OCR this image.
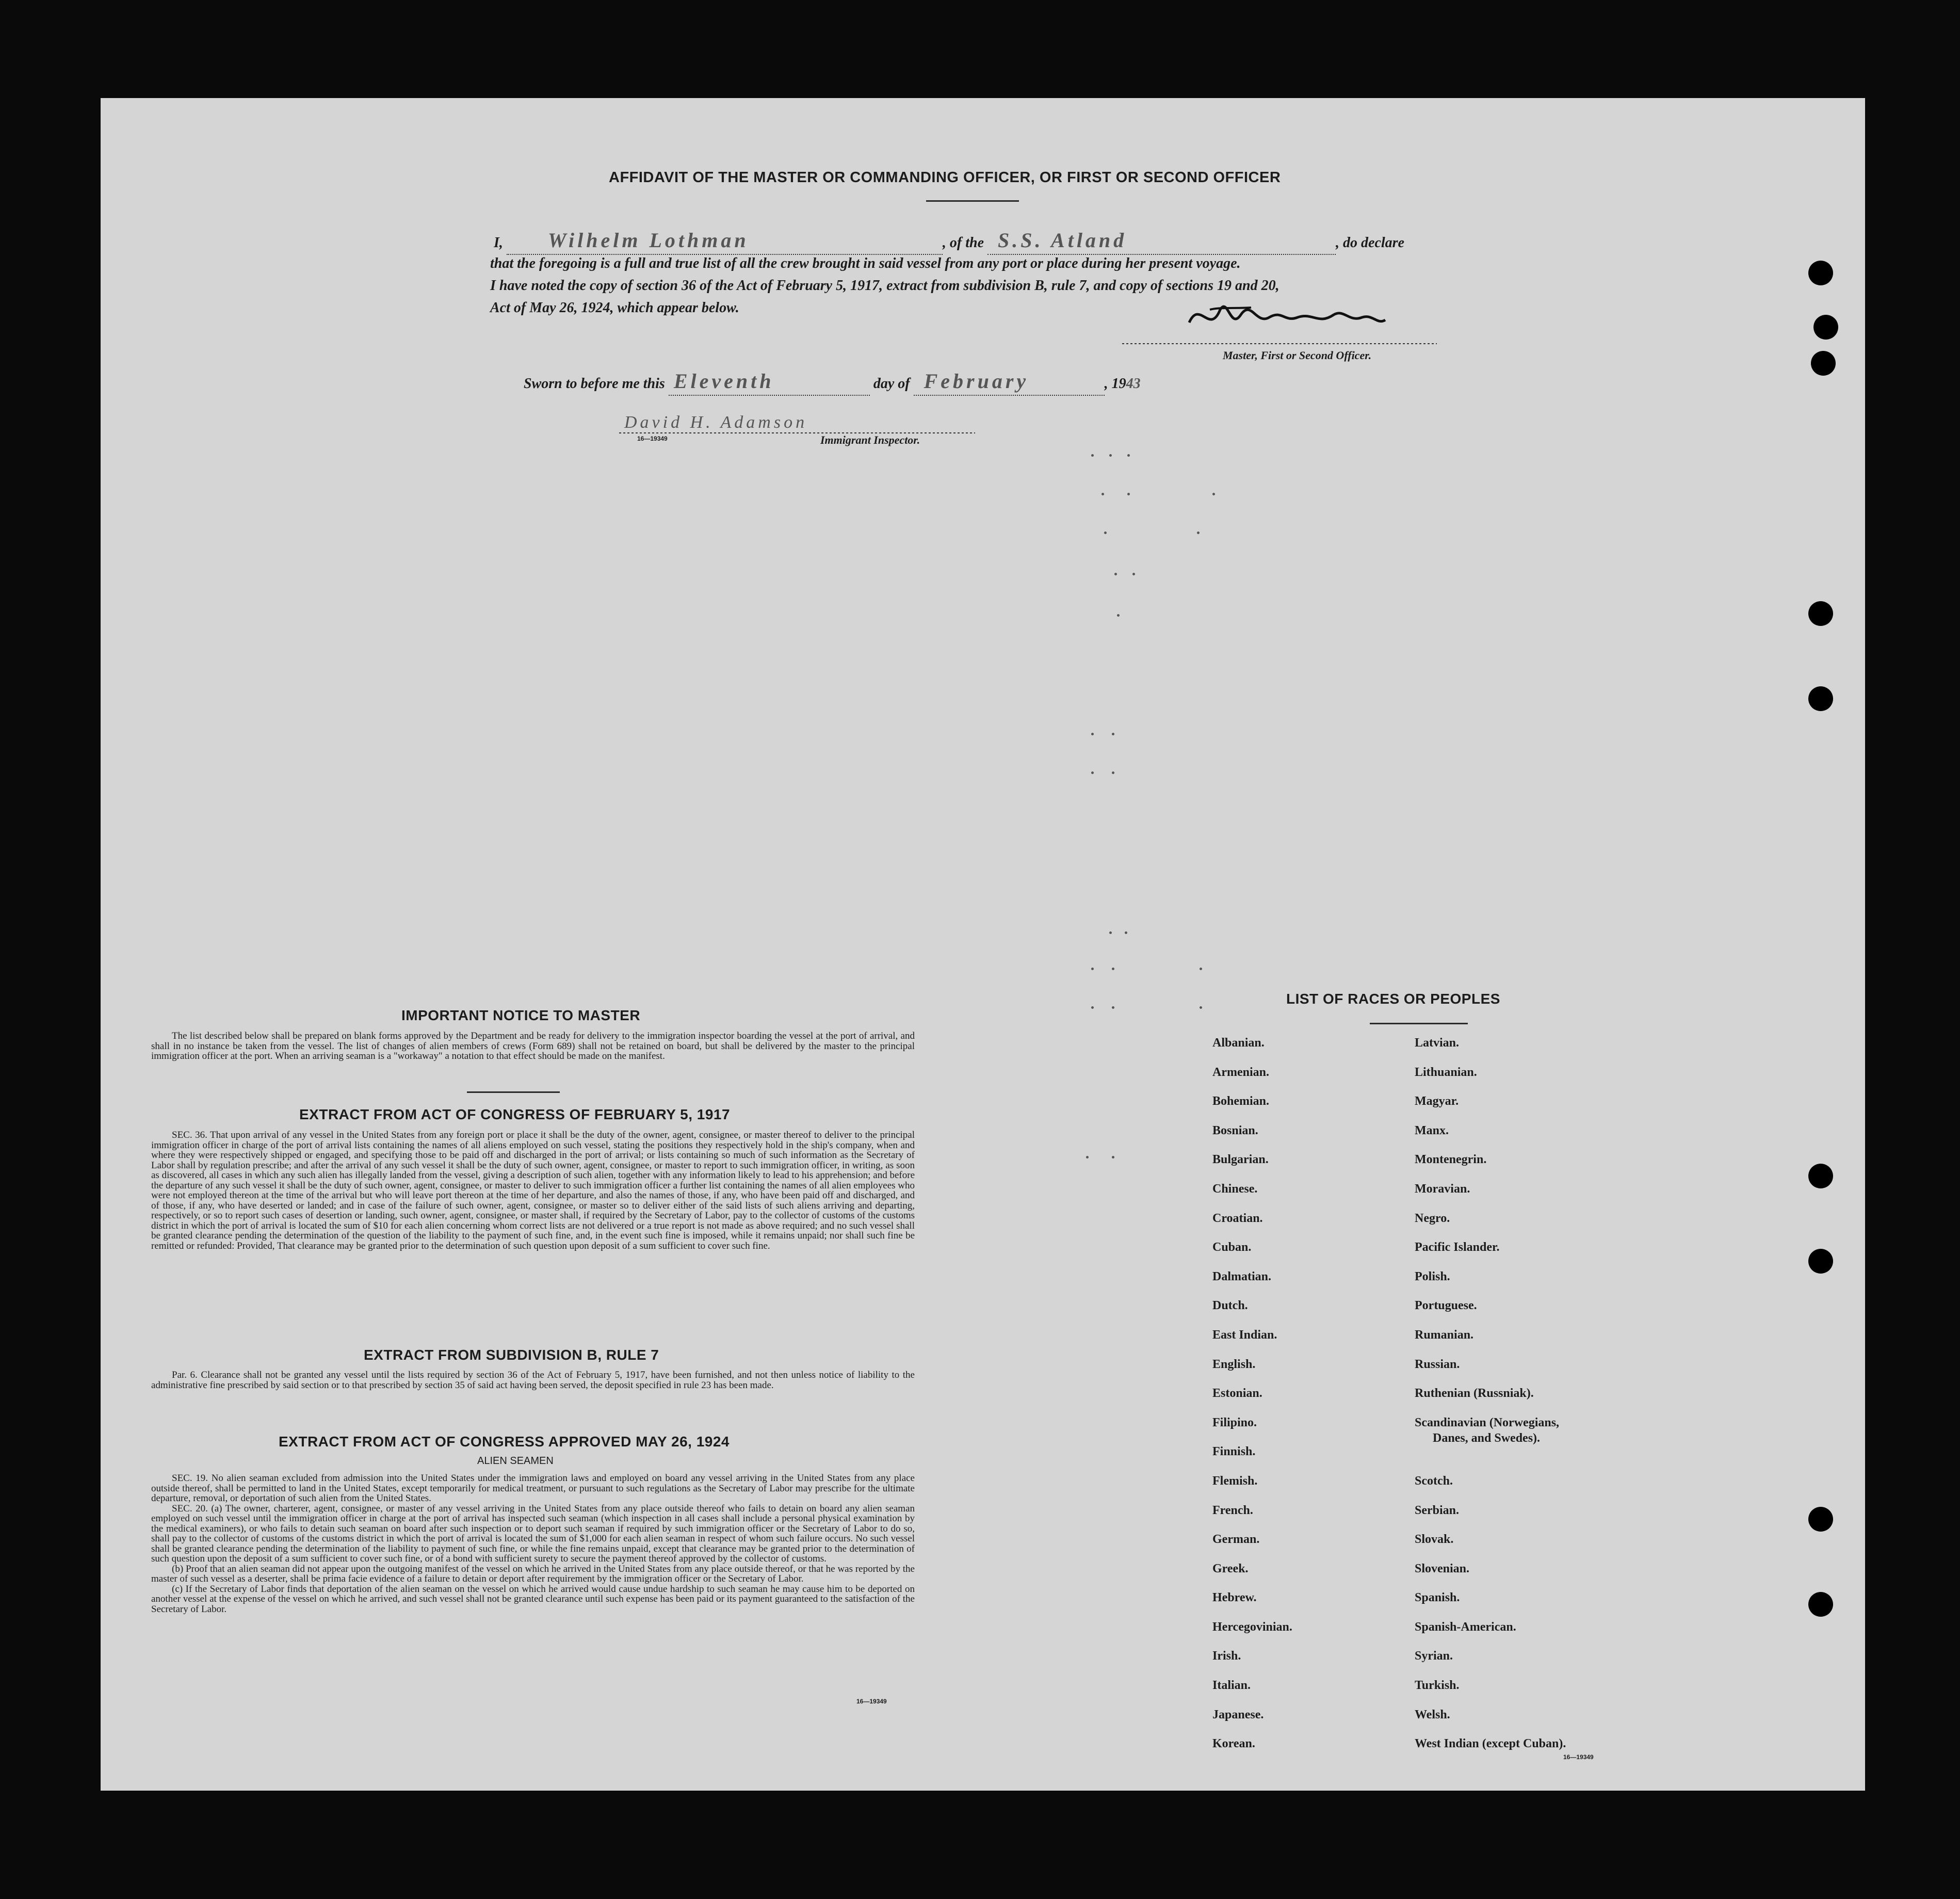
AFFIDAVIT OF THE MASTER OR COMMANDING OFFICER, OR FIRST OR SECOND OFFICER
I, Wilhelm Lothman	, of the S.S. Atland	, do declare
that the foregoing is a full and true list of all the crew brought in said vessel from any port or place during her present voyage.
I have noted the copy of section 36 of the Act of February 5, 1917, extract from subdivision B, rule 7, and copy of sections 19 and 20,
Act of May 26, 1924, which appear below.
Master, First or Second Officer.
Sworn to before me this Eleventh	day of February	, 1943
David H. Adamson
16—19349	Immigrant Inspector.
IMPORTANT NOTICE TO MASTER

The list described below shall be prepared on blank forms approved by the Department and be ready for delivery to the immigration inspector boarding the vessel at the port of arrival, and shall in no instance be taken from the vessel. The list of changes of alien members of crews (Form 689) shall not be retained on board, but shall be delivered by the master to the principal immigration officer at the port. When an arriving seaman is a "workaway" a notation to that effect should be made on the manifest.

EXTRACT FROM ACT OF CONGRESS OF FEBRUARY 5, 1917

SEC. 36. That upon arrival of any vessel in the United States from any foreign port or place it shall be the duty of the owner, agent, consignee, or master thereof to deliver to the principal immigration officer in charge of the port of arrival lists containing the names of all aliens employed on such vessel, stating the positions they respectively hold in the ship's company, when and where they were respectively shipped or engaged, and specifying those to be paid off and discharged in the port of arrival; or lists containing so much of such information as the Secretary of Labor shall by regulation prescribe; and after the arrival of any such vessel it shall be the duty of such owner, agent, consignee, or master to report to such immigration officer, in writing, as soon as discovered, all cases in which any such alien has illegally landed from the vessel, giving a description of such alien, together with any information likely to lead to his apprehension; and before the departure of any such vessel it shall be the duty of such owner, agent, consignee, or master to deliver to such immigration officer a further list containing the names of all alien employees who were not employed thereon at the time of the arrival but who will leave port thereon at the time of her departure, and also the names of those, if any, who have been paid off and discharged, and of those, if any, who have deserted or landed; and in case of the failure of such owner, agent, consignee, or master so to deliver either of the said lists of such aliens arriving and departing, respectively, or so to report such cases of desertion or landing, such owner, agent, consignee, or master shall, if required by the Secretary of Labor, pay to the collector of customs of the customs district in which the port of arrival is located the sum of $10 for each alien concerning whom correct lists are not delivered or a true report is not made as above required; and no such vessel shall be granted clearance pending the determination of the question of the liability to the payment of such fine, and, in the event such fine is imposed, while it remains unpaid; nor shall such fine be remitted or refunded: Provided, That clearance may be granted prior to the determination of such question upon deposit of a sum sufficient to cover such fine.

EXTRACT FROM SUBDIVISION B, RULE 7

Par. 6. Clearance shall not be granted any vessel until the lists required by section 36 of the Act of February 5, 1917, have been furnished, and not then unless notice of liability to the administrative fine prescribed by said section or to that prescribed by section 35 of said act having been served, the deposit specified in rule 23 has been made.

EXTRACT FROM ACT OF CONGRESS APPROVED MAY 26, 1924
ALIEN SEAMEN

SEC. 19. No alien seaman excluded from admission into the United States under the immigration laws and employed on board any vessel arriving in the United States from any place outside thereof, shall be permitted to land in the United States, except temporarily for medical treatment, or pursuant to such regulations as the Secretary of Labor may prescribe for the ultimate departure, removal, or deportation of such alien from the United States.

SEC. 20. (a) The owner, charterer, agent, consignee, or master of any vessel arriving in the United States from any place outside thereof who fails to detain on board any alien seaman employed on such vessel until the immigration officer in charge at the port of arrival has inspected such seaman (which inspection in all cases shall include a personal physical examination by the medical examiners), or who fails to detain such seaman on board after such inspection or to deport such seaman if required by such immigration officer or the Secretary of Labor to do so, shall pay to the collector of customs of the customs district in which the port of arrival is located the sum of $1,000 for each alien seaman in respect of whom such failure occurs. No such vessel shall be granted clearance pending the determination of the liability to payment of such fine, or while the fine remains unpaid, except that clearance may be granted prior to the determination of such question upon the deposit of a sum sufficient to cover such fine, or of a bond with sufficient surety to secure the payment thereof approved by the collector of customs.

(b) Proof that an alien seaman did not appear upon the outgoing manifest of the vessel on which he arrived in the United States from any place outside thereof, or that he was reported by the master of such vessel as a deserter, shall be prima facie evidence of a failure to detain or deport after requirement by the immigration officer or the Secretary of Labor.

(c) If the Secretary of Labor finds that deportation of the alien seaman on the vessel on which he arrived would cause undue hardship to such seaman he may cause him to be deported on another vessel at the expense of the vessel on which he arrived, and such vessel shall not be granted clearance until such expense has been paid or its payment guaranteed to the satisfaction of the Secretary of Labor.

16—19349
LIST OF RACES OR PEOPLES
Albanian.
Armenian.
Bohemian.
Bosnian.
Bulgarian.
Chinese.
Croatian.
Cuban.
Dalmatian.
Dutch.
East Indian.
English.
Estonian.
Filipino.
Finnish.
Flemish.
French.
German.
Greek.
Hebrew.
Hercegovinian.
Irish.
Italian.
Japanese.
Korean.
Latvian.
Lithuanian.
Magyar.
Manx.
Montenegrin.
Moravian.
Negro.
Pacific Islander.
Polish.
Portuguese.
Rumanian.
Russian.
Ruthenian (Russniak).
Scandinavian (Norwegians,
Danes, and Swedes).
Scotch.
Serbian.
Slovak.
Slovenian.
Spanish.
Spanish-American.
Syrian.
Turkish.
Welsh.
West Indian (except Cuban).
16—19349
